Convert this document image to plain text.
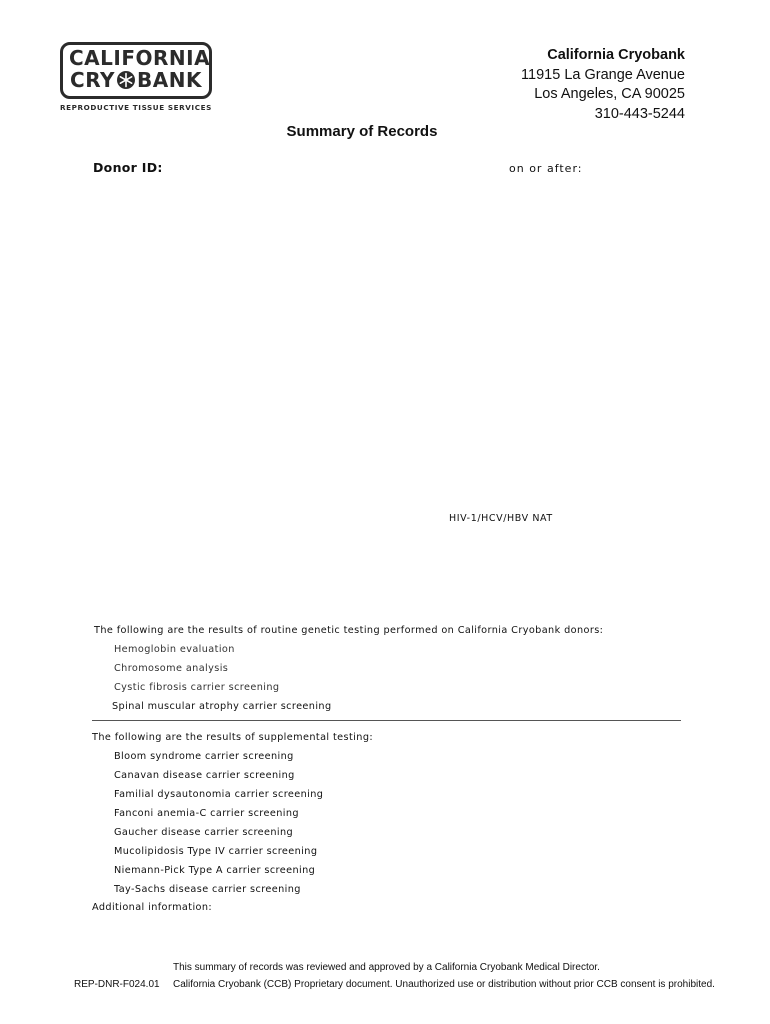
CALIFORNIA
CRY BANK
REPRODUCTIVE TISSUE SERVICES
California Cryobank
11915 La Grange Avenue
Los Angeles, CA 90025
310-443-5244
Summary of Records
Donor ID:	on or after:
HIV-1/HCV/HBV NAT
The following are the results of routine genetic testing performed on California Cryobank donors:
Hemoglobin evaluation
Chromosome analysis
Cystic fibrosis carrier screening
Spinal muscular atrophy carrier screening
The following are the results of supplemental testing:
Bloom syndrome carrier screening
Canavan disease carrier screening
Familial dysautonomia carrier screening
Fanconi anemia-C carrier screening
Gaucher disease carrier screening
Mucolipidosis Type IV carrier screening
Niemann-Pick Type A carrier screening
Tay-Sachs disease carrier screening
Additional information:
This summary of records was reviewed and approved by a California Cryobank Medical Director.
REP-DNR-F024.01 California Cryobank (CCB) Proprietary document. Unauthorized use or distribution without prior CCB consent is prohibited.
